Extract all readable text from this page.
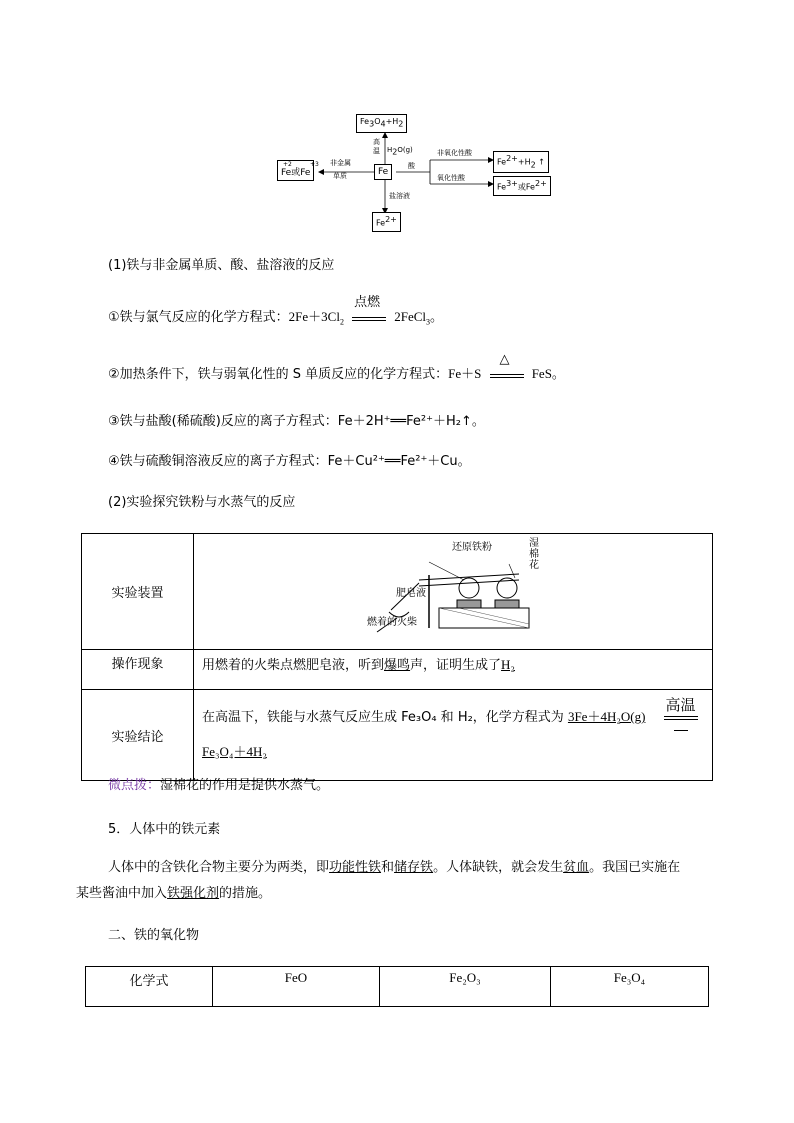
$Fe_3O_4+H_2$
高温 $H_2O(g)$
Fe
+2	+3
Fe或Fe
非金属
单质
酸
非氧化性酸
$Fe^{2+}+H_2$ ↑
氧化性酸
$Fe^{3+}$或$Fe^{2+}$
盐溶液
$Fe^{2+}$
(1)铁与非金属单质、酸、盐溶液的反应
①铁与氯气反应的化学方程式：$2Fe+3Cl_2$
点燃
2FeCl$_3$。
②加热条件下，铁与弱氧化性的 S 单质反应的化学方程式：Fe＋S
△
FeS。
③铁与盐酸(稀硫酸)反应的离子方程式：Fe＋2H⁺══Fe²⁺＋H₂↑。
④铁与硫酸铜溶液反应的离子方程式：Fe＋Cu²⁺══Fe²⁺＋Cu。
(2)实验探究铁粉与水蒸气的反应
实验装置	还原铁粉 湿棉花
肥皂液
燃着的火柴

操作现象	用燃着的火柴点燃肥皂液，听到爆鸣声，证明生成了H₂
实验结论	在高温下，铁能与水蒸气反应生成 Fe₃O₄ 和 H₂，化学方程式为 3Fe＋4H₂O(g)
高温

Fe₃O₄＋4H₂
微点拨：湿棉花的作用是提供水蒸气。
5．人体中的铁元素
人体中的含铁化合物主要分为两类，即功能性铁和储存铁。人体缺铁，就会发生贫血。我国已实施在
某些酱油中加入铁强化剂的措施。
二、铁的氧化物
化学式	FeO	Fe₂O₃	Fe₃O₄
